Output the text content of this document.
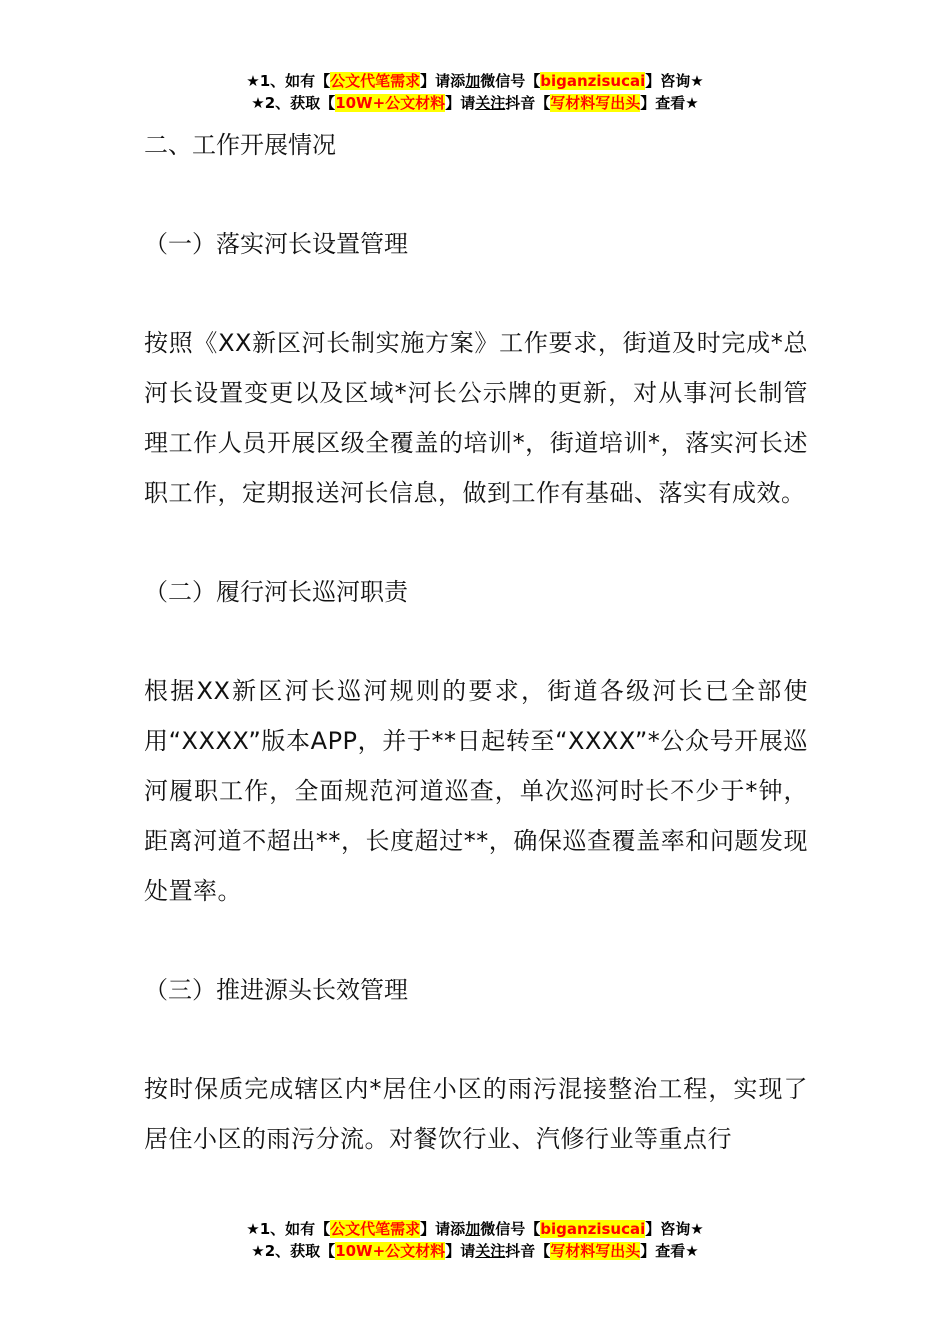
★1、如有【公文代笔需求】请添加微信号【biganzisucai】咨询★
★2、获取【10W+公文材料】请关注抖音【写材料写出头】查看★

二、工作开展情况

（一）落实河长设置管理

按照《XX新区河长制实施方案》工作要求，街道及时完成*总河长设置变更以及区域*河长公示牌的更新，对从事河长制管理工作人员开展区级全覆盖的培训*，街道培训*，落实河长述职工作，定期报送河长信息，做到工作有基础、落实有成效。

（二）履行河长巡河职责

根据XX新区河长巡河规则的要求，街道各级河长已全部使用“XXXX”版本APP，并于**日起转至“XXXX”*公众号开展巡河履职工作，全面规范河道巡查，单次巡河时长不少于*钟，距离河道不超出**，长度超过**，确保巡查覆盖率和问题发现处置率。

（三）推进源头长效管理

按时保质完成辖区内*居住小区的雨污混接整治工程，实现了居住小区的雨污分流。对餐饮行业、汽修行业等重点行

★1、如有【公文代笔需求】请添加微信号【biganzisucai】咨询★
★2、获取【10W+公文材料】请关注抖音【写材料写出头】查看★
